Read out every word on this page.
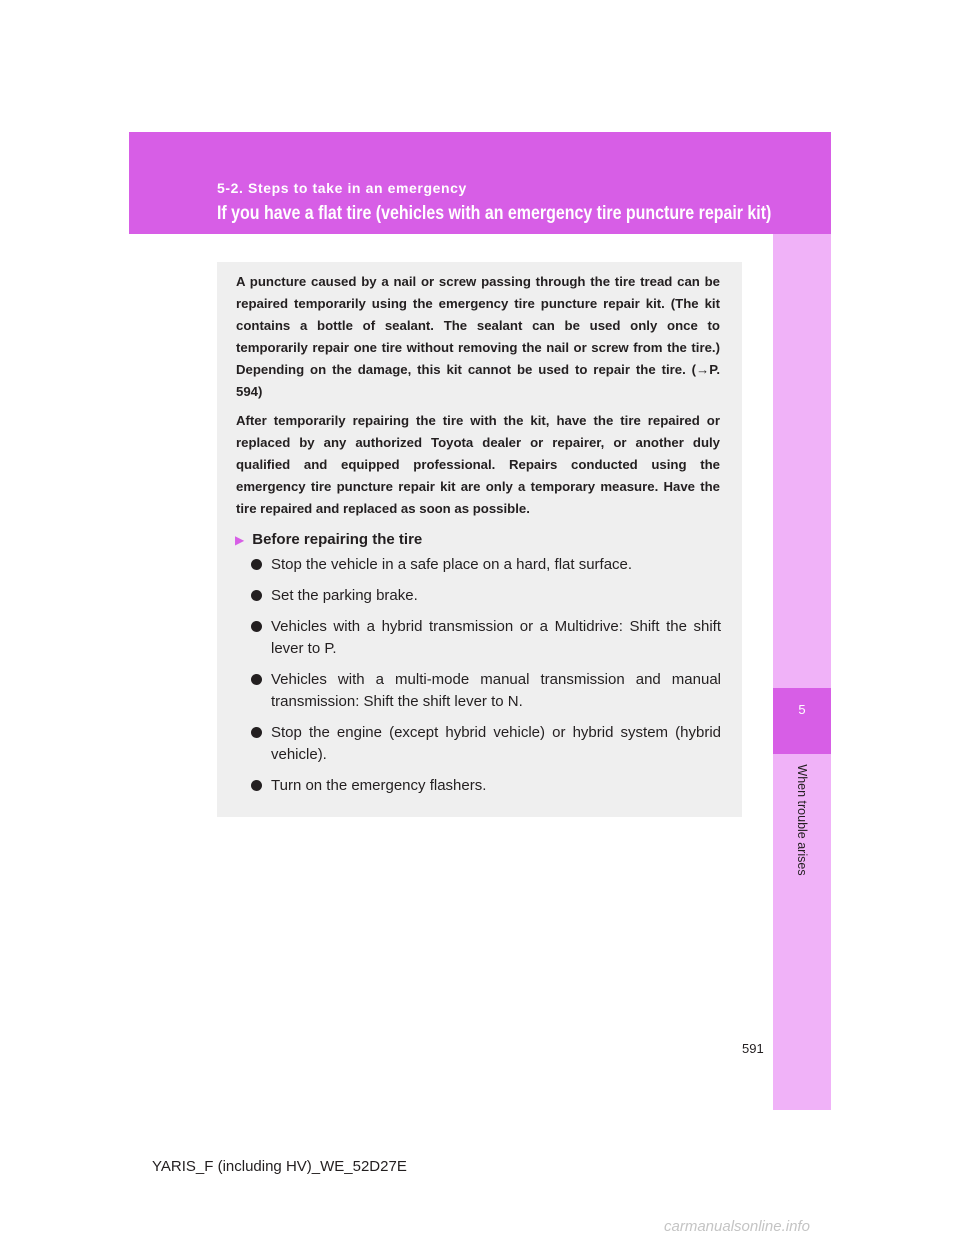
5-2. Steps to take in an emergency
If you have a flat tire (vehicles with an emergency tire puncture repair kit)
5
When trouble arises

A puncture caused by a nail or screw passing through the tire tread can be repaired temporarily using the emergency tire puncture repair kit. (The kit contains a bottle of sealant. The sealant can be used only once to temporarily repair one tire without removing the nail or screw from the tire.) Depending on the damage, this kit cannot be used to repair the tire. (→P. 594)

After temporarily repairing the tire with the kit, have the tire repaired or replaced by any authorized Toyota dealer or repairer, or another duly qualified and equipped professional. Repairs conducted using the emergency tire puncture repair kit are only a temporary measure. Have the tire repaired and replaced as soon as possible.

▶ Before repairing the tire
Stop the vehicle in a safe place on a hard, flat surface.
Set the parking brake.
Vehicles with a hybrid transmission or a Multidrive: Shift the shift lever to P.
Vehicles with a multi-mode manual transmission and manual transmission: Shift the shift lever to N.
Stop the engine (except hybrid vehicle) or hybrid system (hybrid vehicle).
Turn on the emergency flashers.
591
YARIS_F (including HV)_WE_52D27E
carmanualsonline.info
